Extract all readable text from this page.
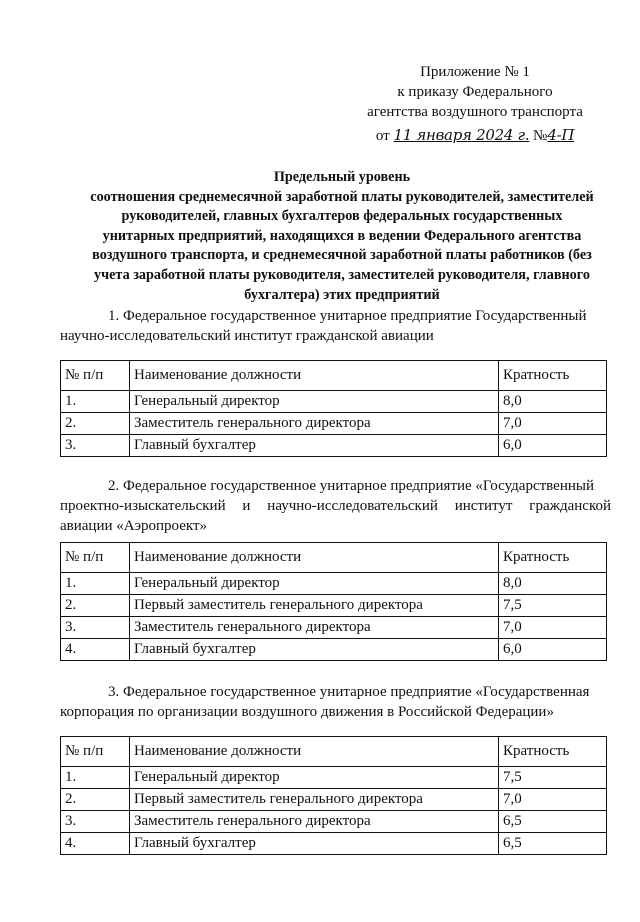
Приложение № 1
к приказу Федерального
агентства воздушного транспорта
от 11 января 2024 г. №4-П
Предельный уровень
соотношения среднемесячной заработной платы руководителей, заместителей
руководителей, главных бухгалтеров федеральных государственных
унитарных предприятий, находящихся в ведении Федерального агентства
воздушного транспорта, и среднемесячной заработной платы работников (без
учета заработной платы руководителя, заместителей руководителя, главного
бухгалтера) этих предприятий
1. Федеральное государственное унитарное предприятие Государственный
научно-исследовательский институт гражданской авиации
№ п/п	Наименование должности	Кратность
1.	Генеральный директор	8,0
2.	Заместитель генерального директора	7,0
3.	Главный бухгалтер	6,0
2. Федеральное государственное унитарное предприятие «Государственный
проектно-изыскательский и научно-исследовательский институт гражданской
авиации «Аэропроект»
№ п/п	Наименование должности	Кратность
1.	Генеральный директор	8,0
2.	Первый заместитель генерального директора	7,5
3.	Заместитель генерального директора	7,0
4.	Главный бухгалтер	6,0
3. Федеральное государственное унитарное предприятие «Государственная
корпорация по организации воздушного движения в Российской Федерации»
№ п/п	Наименование должности	Кратность
1.	Генеральный директор	7,5
2.	Первый заместитель генерального директора	7,0
3.	Заместитель генерального директора	6,5
4.	Главный бухгалтер	6,5
